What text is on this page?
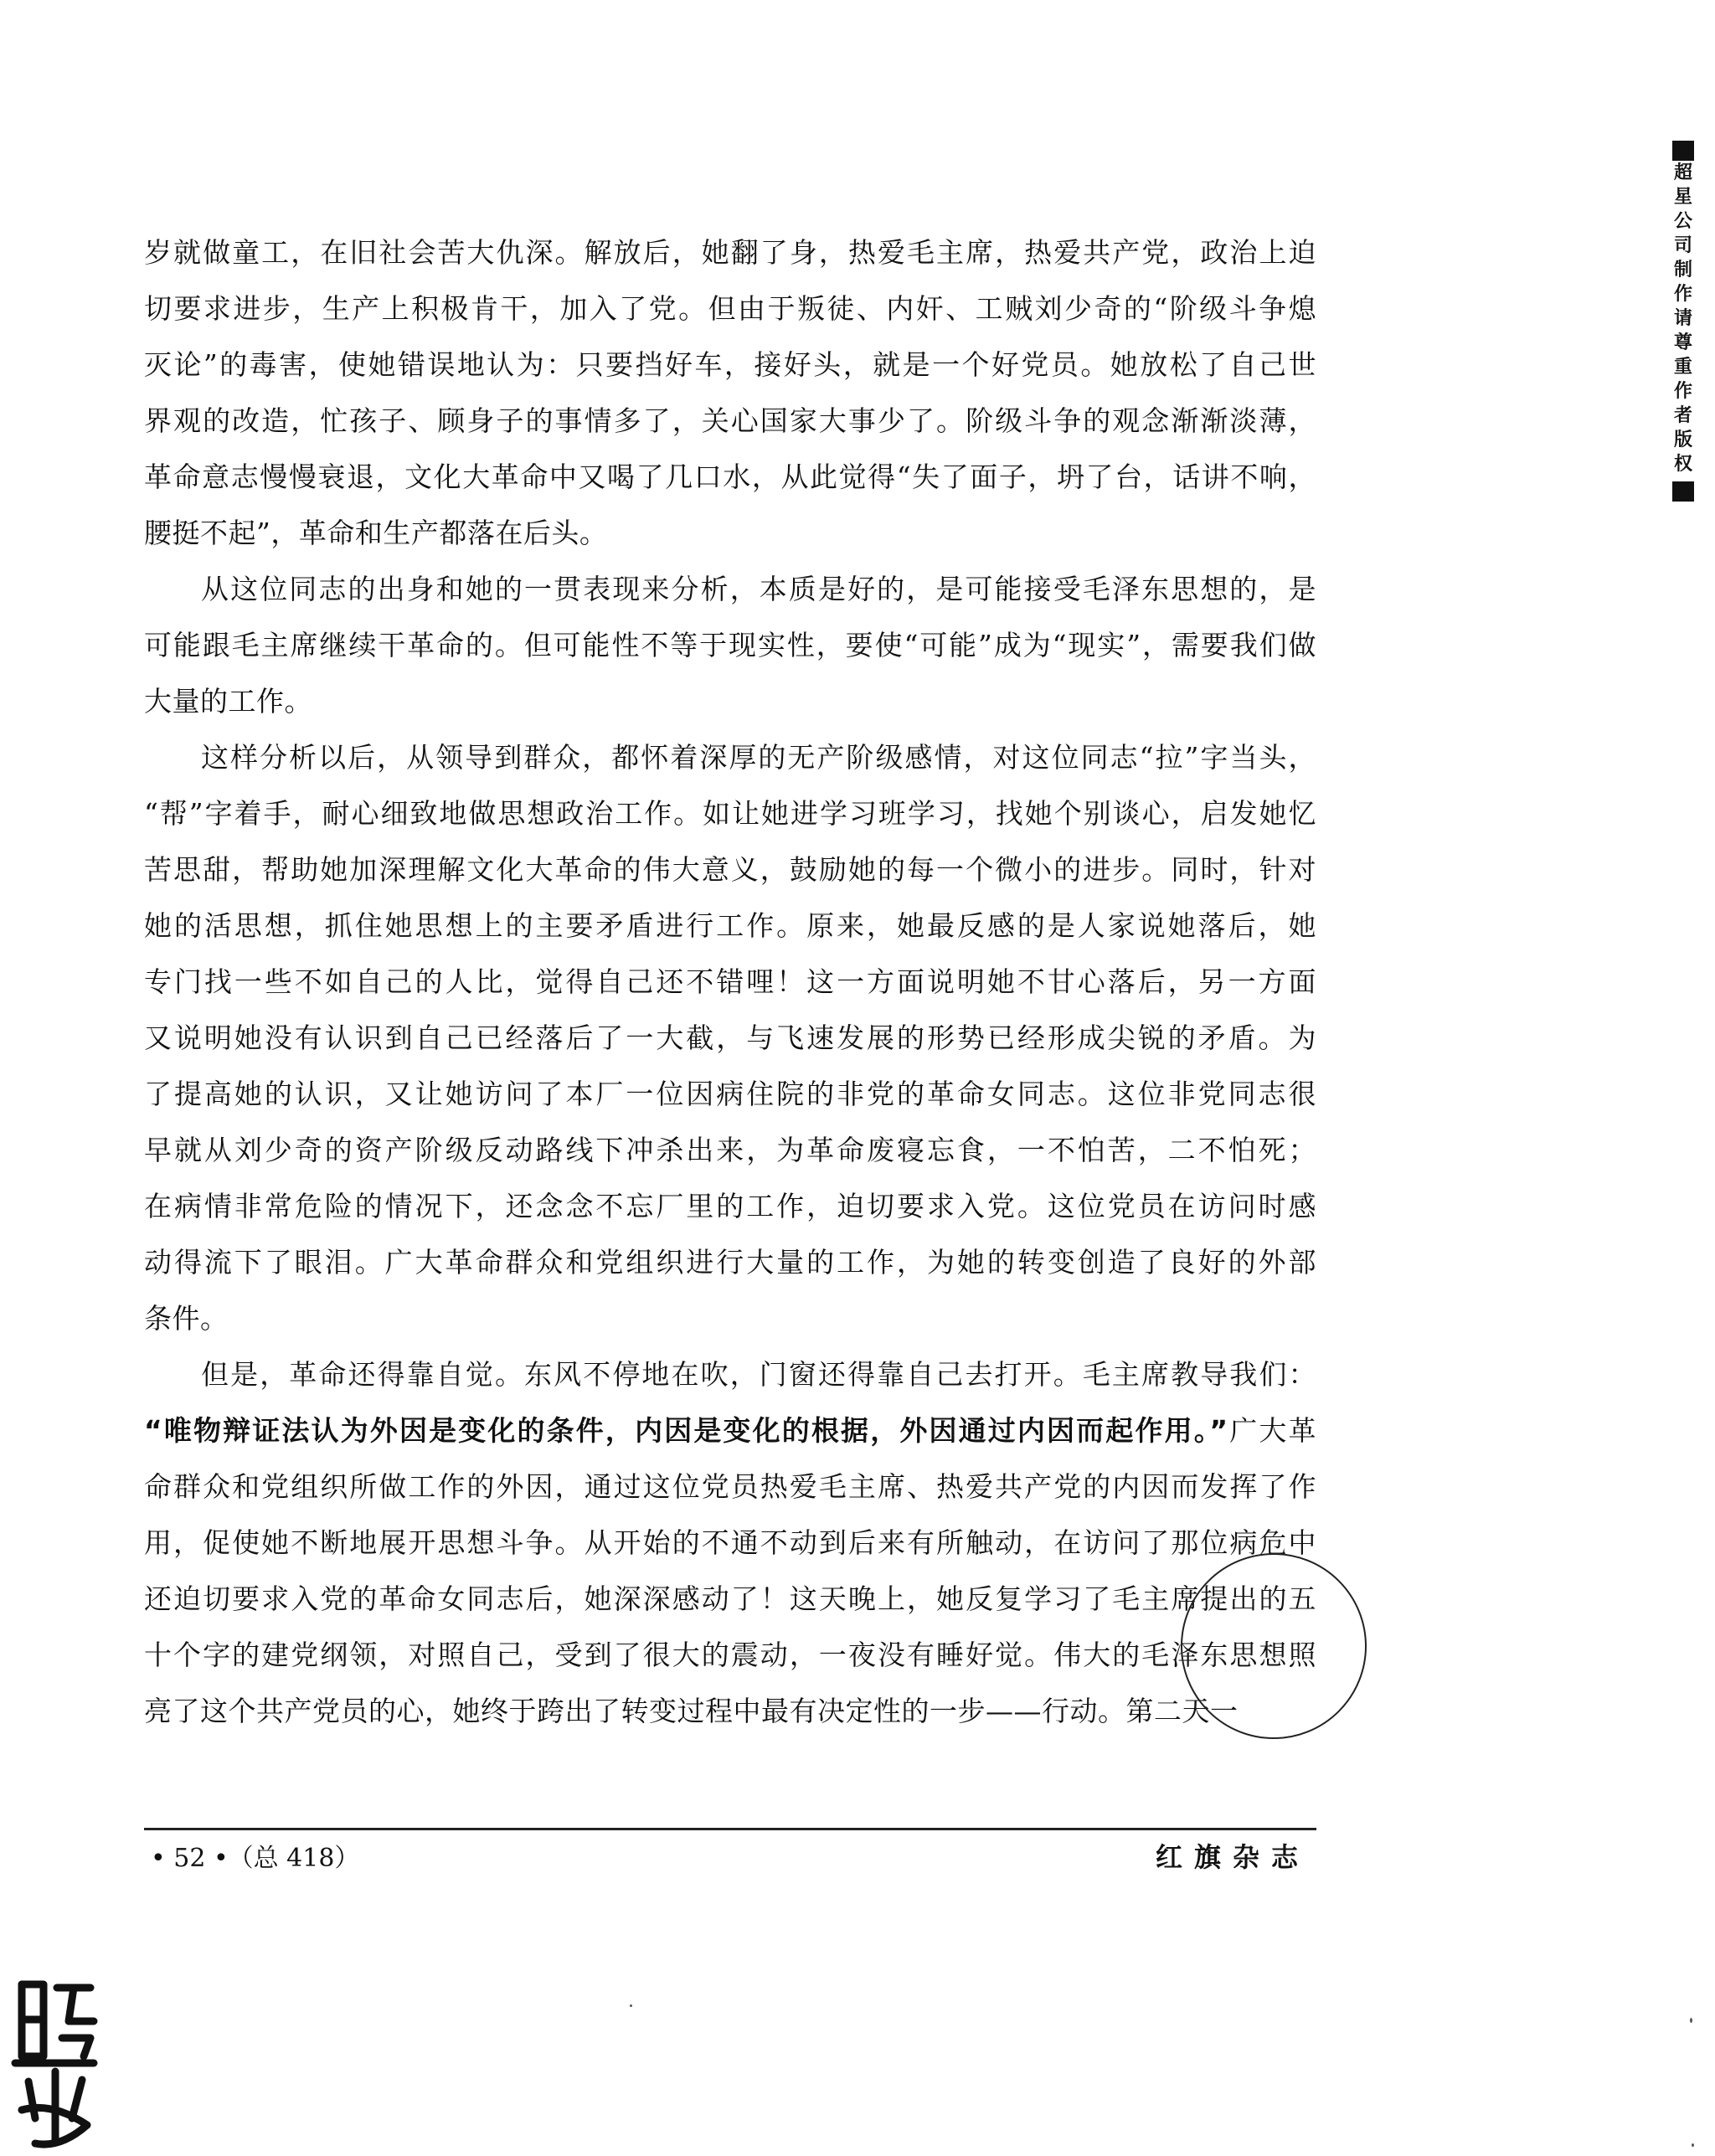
超
星
公
司
制
作
请
尊
重
作
者
版
权
岁就做童工，在旧社会苦大仇深。解放后，她翻了身，热爱毛主席，热爱共产党，政治上迫
切要求进步，生产上积极肯干，加入了党。但由于叛徒、内奸、工贼刘少奇的“阶级斗争熄
灭论”的毒害，使她错误地认为：只要挡好车，接好头，就是一个好党员。她放松了自己世
界观的改造，忙孩子、顾身子的事情多了，关心国家大事少了。阶级斗争的观念渐渐淡薄，
革命意志慢慢衰退，文化大革命中又喝了几口水，从此觉得“失了面子，坍了台，话讲不响，
腰挺不起”，革命和生产都落在后头。
从这位同志的出身和她的一贯表现来分析，本质是好的，是可能接受毛泽东思想的，是
可能跟毛主席继续干革命的。但可能性不等于现实性，要使“可能”成为“现实”，需要我们做
大量的工作。
这样分析以后，从领导到群众，都怀着深厚的无产阶级感情，对这位同志“拉”字当头，
“帮”字着手，耐心细致地做思想政治工作。如让她进学习班学习，找她个别谈心，启发她忆
苦思甜，帮助她加深理解文化大革命的伟大意义，鼓励她的每一个微小的进步。同时，针对
她的活思想，抓住她思想上的主要矛盾进行工作。原来，她最反感的是人家说她落后，她
专门找一些不如自己的人比，觉得自己还不错哩！这一方面说明她不甘心落后，另一方面
又说明她没有认识到自己已经落后了一大截，与飞速发展的形势已经形成尖锐的矛盾。为
了提高她的认识，又让她访问了本厂一位因病住院的非党的革命女同志。这位非党同志很
早就从刘少奇的资产阶级反动路线下冲杀出来，为革命废寝忘食，一不怕苦，二不怕死；
在病情非常危险的情况下，还念念不忘厂里的工作，迫切要求入党。这位党员在访问时感
动得流下了眼泪。广大革命群众和党组织进行大量的工作，为她的转变创造了良好的外部
条件。
但是，革命还得靠自觉。东风不停地在吹，门窗还得靠自己去打开。毛主席教导我们：
“唯物辩证法认为外因是变化的条件，内因是变化的根据，外因通过内因而起作用。”广大革
命群众和党组织所做工作的外因，通过这位党员热爱毛主席、热爱共产党的内因而发挥了作
用，促使她不断地展开思想斗争。从开始的不通不动到后来有所触动，在访问了那位病危中
还迫切要求入党的革命女同志后，她深深感动了！这天晚上，她反复学习了毛主席提出的五
十个字的建党纲领，对照自己，受到了很大的震动，一夜没有睡好觉。伟大的毛泽东思想照
亮了这个共产党员的心，她终于跨出了转变过程中最有决定性的一步——行动。第二天一
• 52 •（总 418）	红旗杂志
